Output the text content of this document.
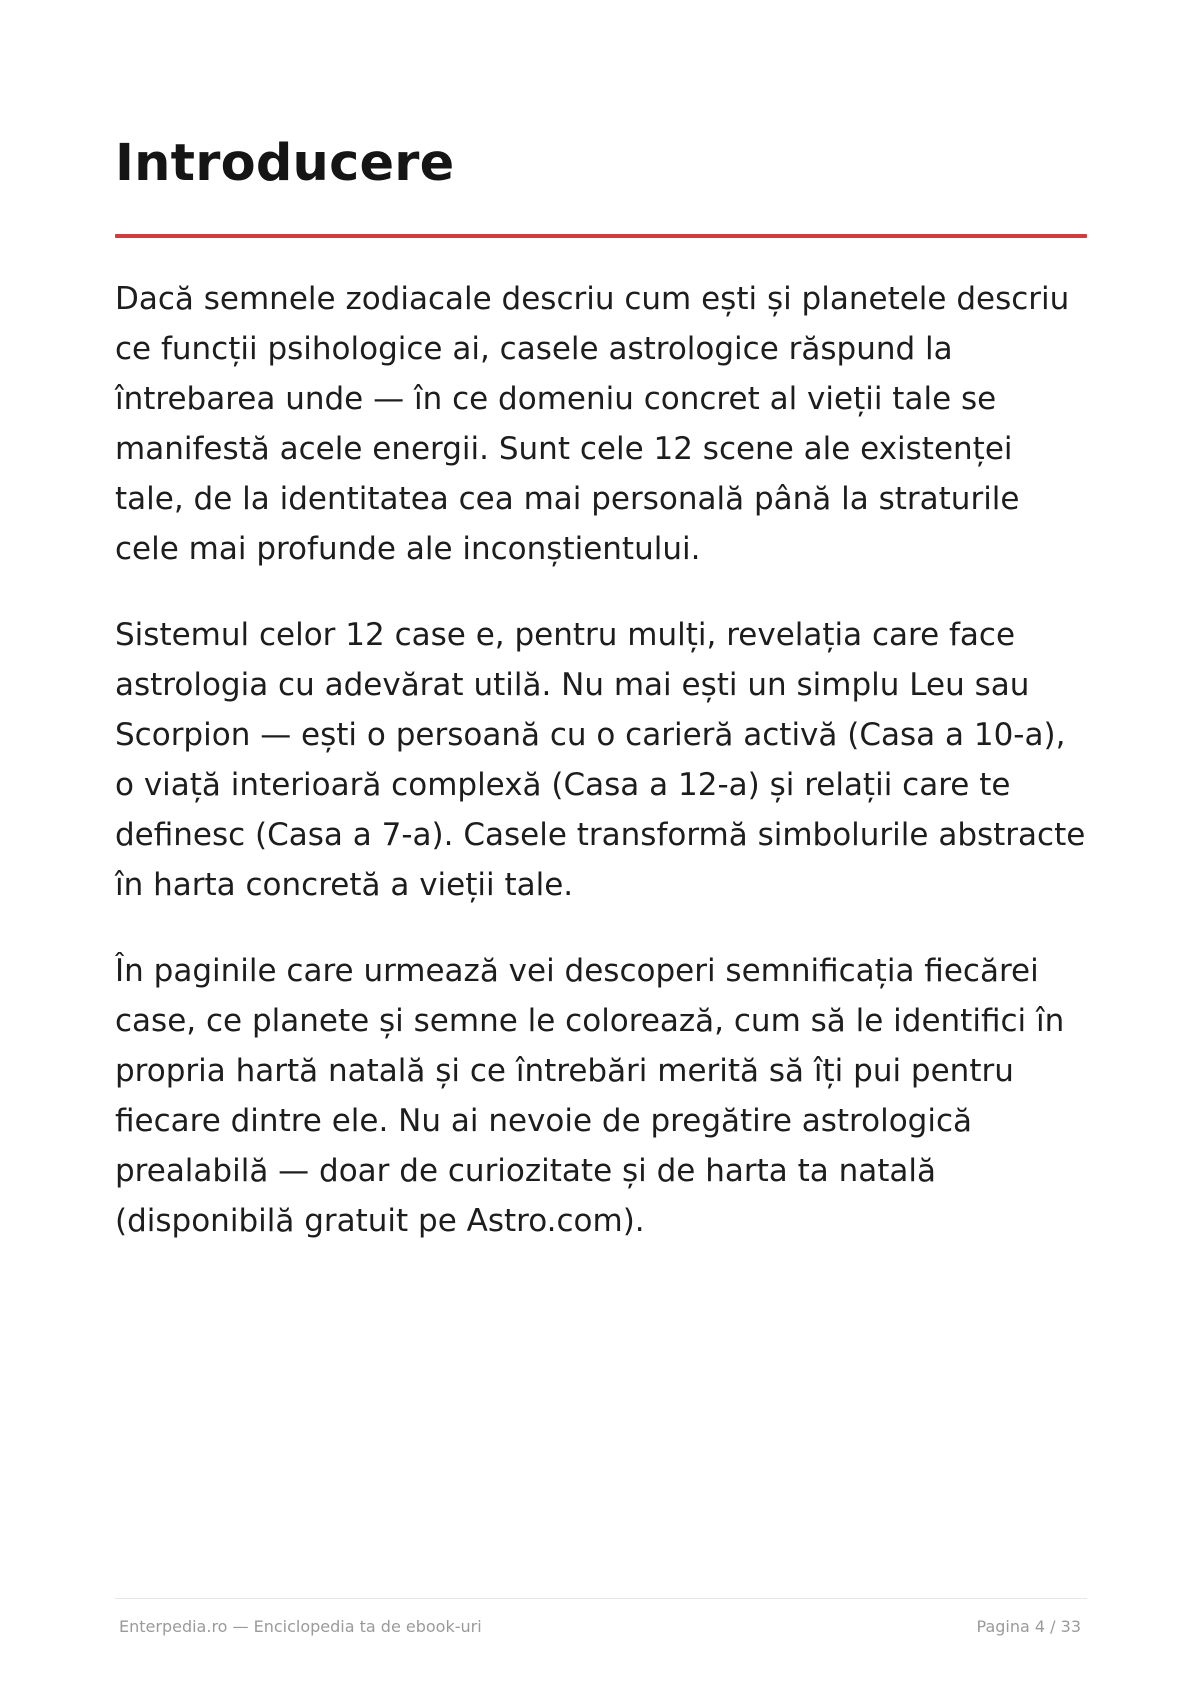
Introducere

Dacă semnele zodiacale descriu cum ești și planetele descriu ce funcții psihologice ai, casele astrologice răspund la întrebarea unde — în ce domeniu concret al vieții tale se manifestă acele energii. Sunt cele 12 scene ale existenței tale, de la identitatea cea mai personală până la straturile cele mai profunde ale inconștientului.

Sistemul celor 12 case e, pentru mulți, revelația care face astrologia cu adevărat utilă. Nu mai ești un simplu Leu sau Scorpion — ești o persoană cu o carieră activă (Casa a 10-a), o viață interioară complexă (Casa a 12-a) și relații care te definesc (Casa a 7-a). Casele transformă simbolurile abstracte în harta concretă a vieții tale.

În paginile care urmează vei descoperi semnificația fiecărei case, ce planete și semne le colorează, cum să le identifici în propria hartă natală și ce întrebări merită să îți pui pentru fiecare dintre ele. Nu ai nevoie de pregătire astrologică prealabilă — doar de curiozitate și de harta ta natală (disponibilă gratuit pe Astro.com).

Enterpedia.ro — Enciclopedia ta de ebook-uri	Pagina 4 / 33
